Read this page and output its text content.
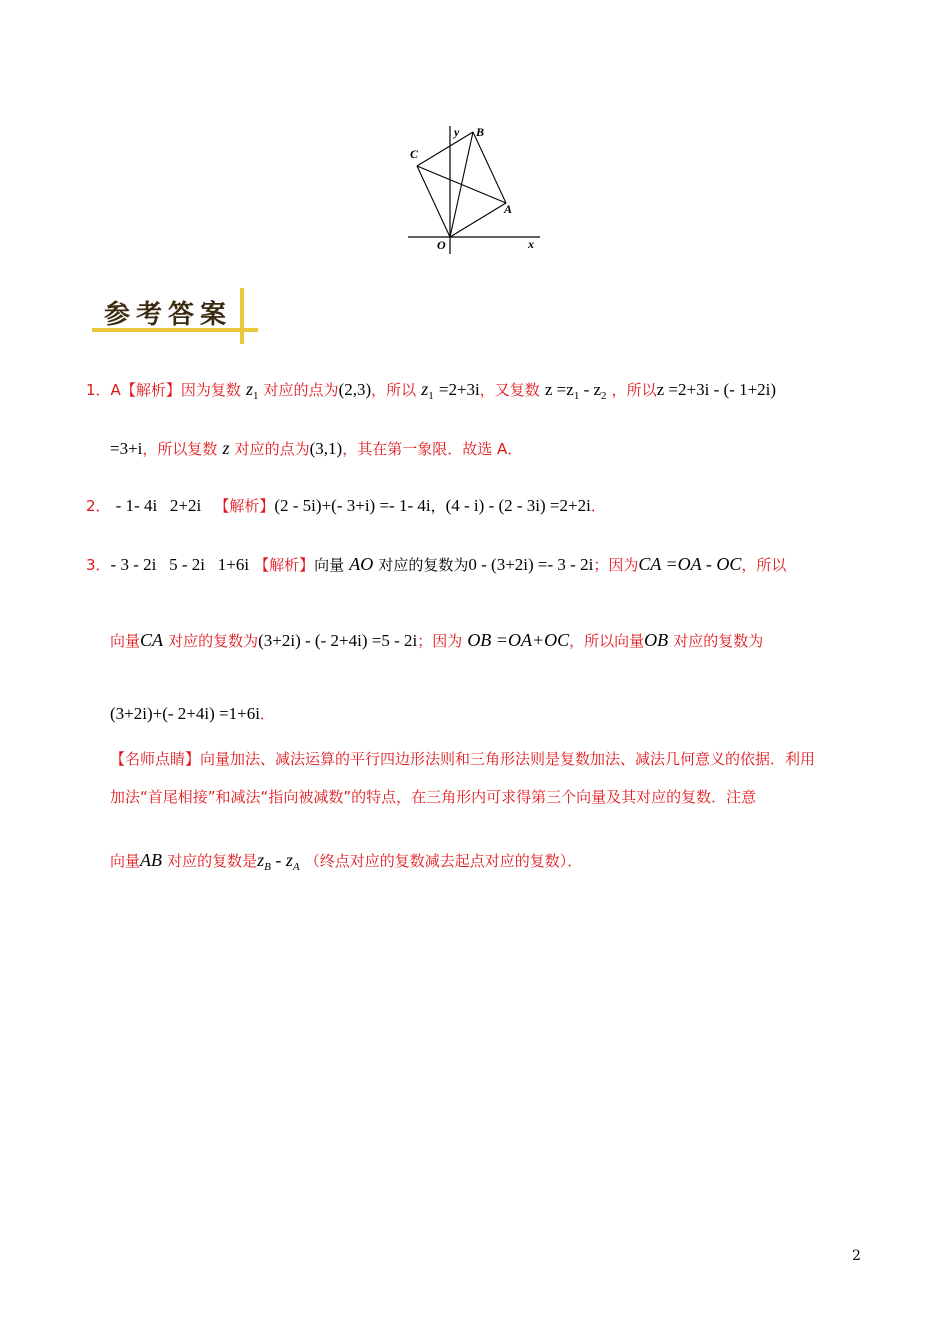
y B
C
A
O	x
参考答案
1．A【解析】因为复数 $z_1$ 对应的点为(2,3)，所以 $z_1 =2+3i$，又复数 $z =z_1 - z_2$ ，所以z =2+3i - (- 1+2i)
=3+i，所以复数 z 对应的点为(3,1)，其在第一象限．故选 A．
2． - 1- 4i   2+2i 【解析】(2 - 5i)+(- 3+i) =- 1- 4i，(4 - i) - (2 - 3i) =2+2i．
3．- 3 - 2i   5 - 2i   1+6i 【解析】向量 AO 对应的复数为0 - (3+2i) =- 3 - 2i；因为CA =OA - OC，所以
向量CA 对应的复数为(3+2i) - (- 2+4i) =5 - 2i；因为 OB =OA+OC，所以向量OB 对应的复数为
(3+2i)+(- 2+4i) =1+6i．
【名师点睛】向量加法、减法运算的平行四边形法则和三角形法则是复数加法、减法几何意义的依据．利用
加法“首尾相接”和减法“指向被减数”的特点，在三角形内可求得第三个向量及其对应的复数．注意
向量AB 对应的复数是$z_B - z_A$ （终点对应的复数减去起点对应的复数）．
2
